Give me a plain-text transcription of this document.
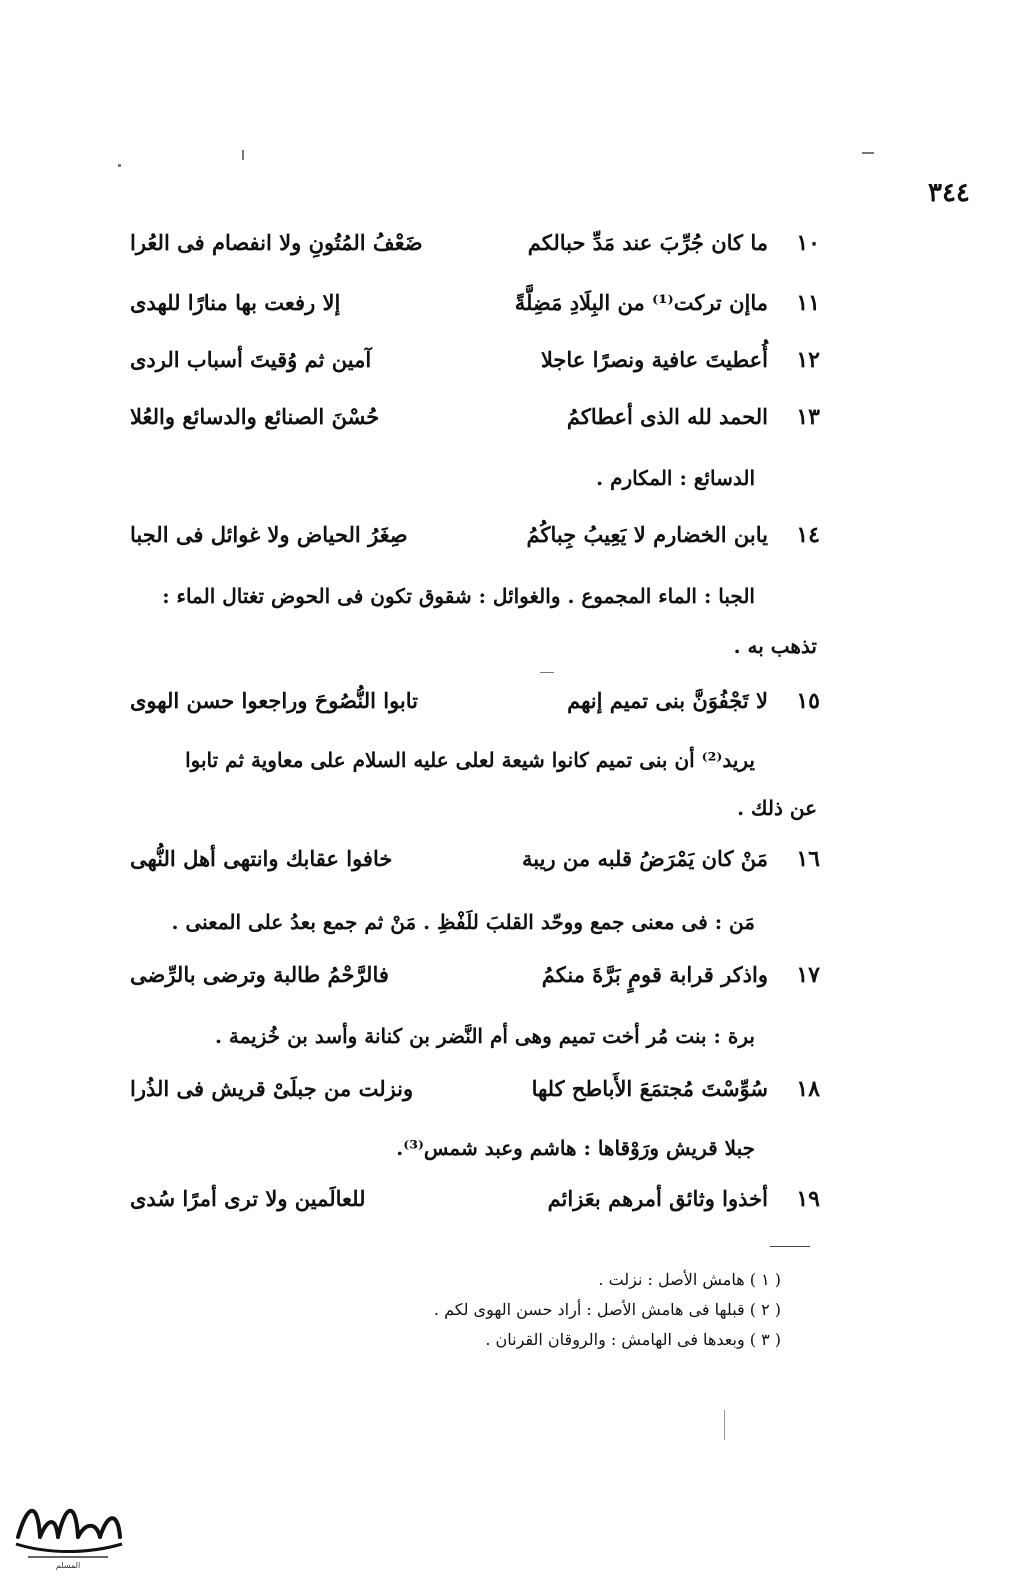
٣٤٤
١٠
ما كان جُرِّبَ عند مَدِّ حبالكم
ضَعْفُ المُتُونِ ولا انفصام فى العُرا
١١
ماإن تركت⁽¹⁾ من البِلَادِ مَضِلَّةً
إلا رفعت بها منارًا للهدى
١٢
أُعطيتَ عافية ونصرًا عاجلا
آمين ثم وُقيتَ أسباب الردى
١٣
الحمد لله الذى أعطاكمُ
حُسْنَ الصنائع والدسائع والعُلا
الدسائع : المكارم .
١٤
يابن الخضارم لا يَعِيبُ جِباكُمُ
صِغَرُ الحياض ولا غوائل فى الجبا
الجبا : الماء المجموع . والغوائل : شقوق تكون فى الحوض تغتال الماء :
تذهب به .
١٥
لا تَجْفُوَنَّ بنى تميم إنهم
تابوا النُّصُوحَ وراجعوا حسن الهوى
يريد⁽²⁾ أن بنى تميم كانوا شيعة لعلى عليه السلام على معاوية ثم تابوا
عن ذلك .
١٦
مَنْ كان يَمْرَضُ قلبه من ريبة
خافوا عقابك وانتهى أهل النُّهى
مَن : فى معنى جمع ووحّد القلبَ للَفْظِ . مَنْ ثم جمع بعدُ على المعنى .
١٧
واذكر قرابة قومٍ بَرَّةَ منكمُ
فالرَّحْمُ طالبة وترضى بالرِّضى
برة : بنت مُر أخت تميم وهى أم النَّضر بن كنانة وأسد بن خُزيمة .
١٨
سُوِّسْتَ مُجتمَعَ الأَباطح كلها
ونزلت من جبلَىْ قريش فى الذُرا
جبلا قريش ورَوْقاها : هاشم وعبد شمس⁽³⁾.
١٩
أخذوا وثائق أمرهم بعَزائم
للعالَمين ولا ترى أمرًا سُدى
( ١ ) هامش الأصل : نزلت .
( ٢ ) قبلها فى هامش الأصل : أراد حسن الهوى لكم .
( ٣ ) وبعدها فى الهامش : والروقان القرنان .
المسلم
